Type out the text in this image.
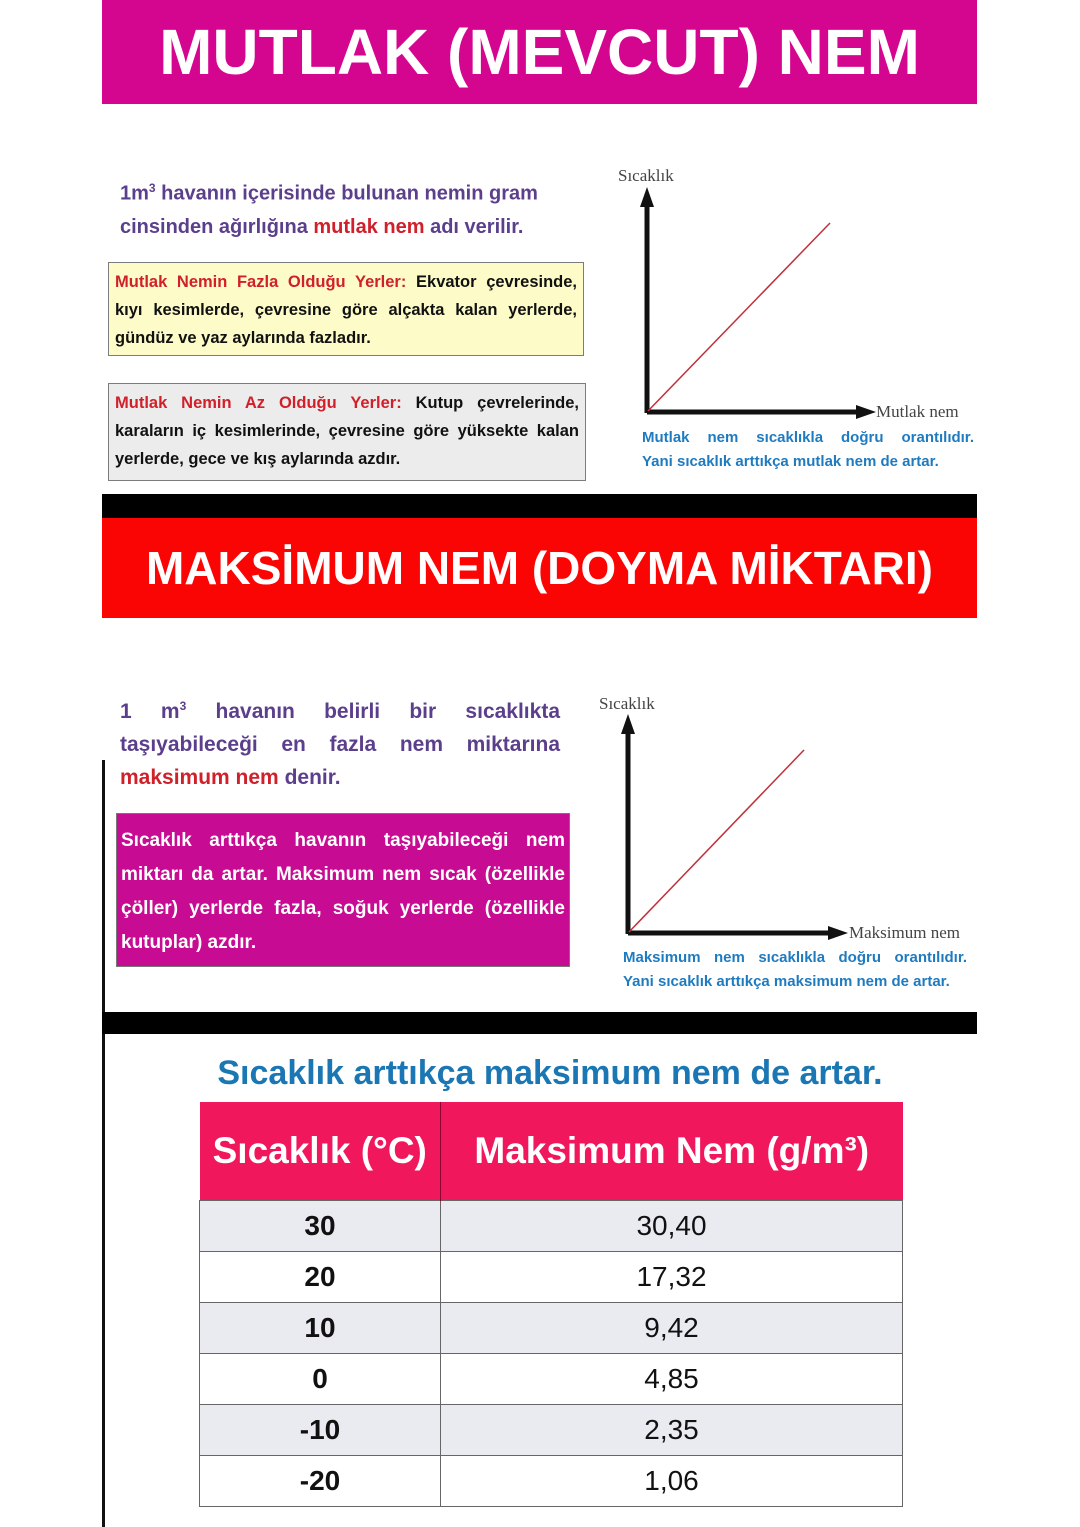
MUTLAK (MEVCUT) NEM
$1m^3$ havanın içerisinde bulunan nemin gram cinsinden ağırlığına mutlak nem adı verilir.
Mutlak Nemin Fazla Olduğu Yerler: Ekvator çevresinde, kıyı kesimlerde, çevresine göre alçakta kalan yerlerde, gündüz ve yaz aylarında fazladır.
Mutlak Nemin Az Olduğu Yerler: Kutup çevrelerinde, karaların iç kesimlerinde, çevresine göre yüksekte kalan yerlerde, gece ve kış aylarında azdır.
Sıcaklık
Mutlak nem
Mutlak nem sıcaklıkla doğru orantılıdır.
Yani sıcaklık arttıkça mutlak nem de artar.
MAKSİMUM NEM (DOYMA MİKTARI)
1 $m^3$ havanın belirli bir sıcaklıkta taşıyabileceği en fazla nem miktarına maksimum nem denir.
Sıcaklık arttıkça havanın taşıyabileceği nem miktarı da artar. Maksimum nem sıcak (özellikle çöller) yerlerde fazla, soğuk yerlerde (özellikle kutuplar) azdır.
Sıcaklık
Maksimum nem
Maksimum nem sıcaklıkla doğru orantılıdır.
Yani sıcaklık arttıkça maksimum nem de artar.
Sıcaklık arttıkça maksimum nem de artar.
Sıcaklık (°C)	Maksimum Nem (g/m³)
30	30,40
20	17,32
10	9,42
0	4,85
-10	2,35
-20	1,06
